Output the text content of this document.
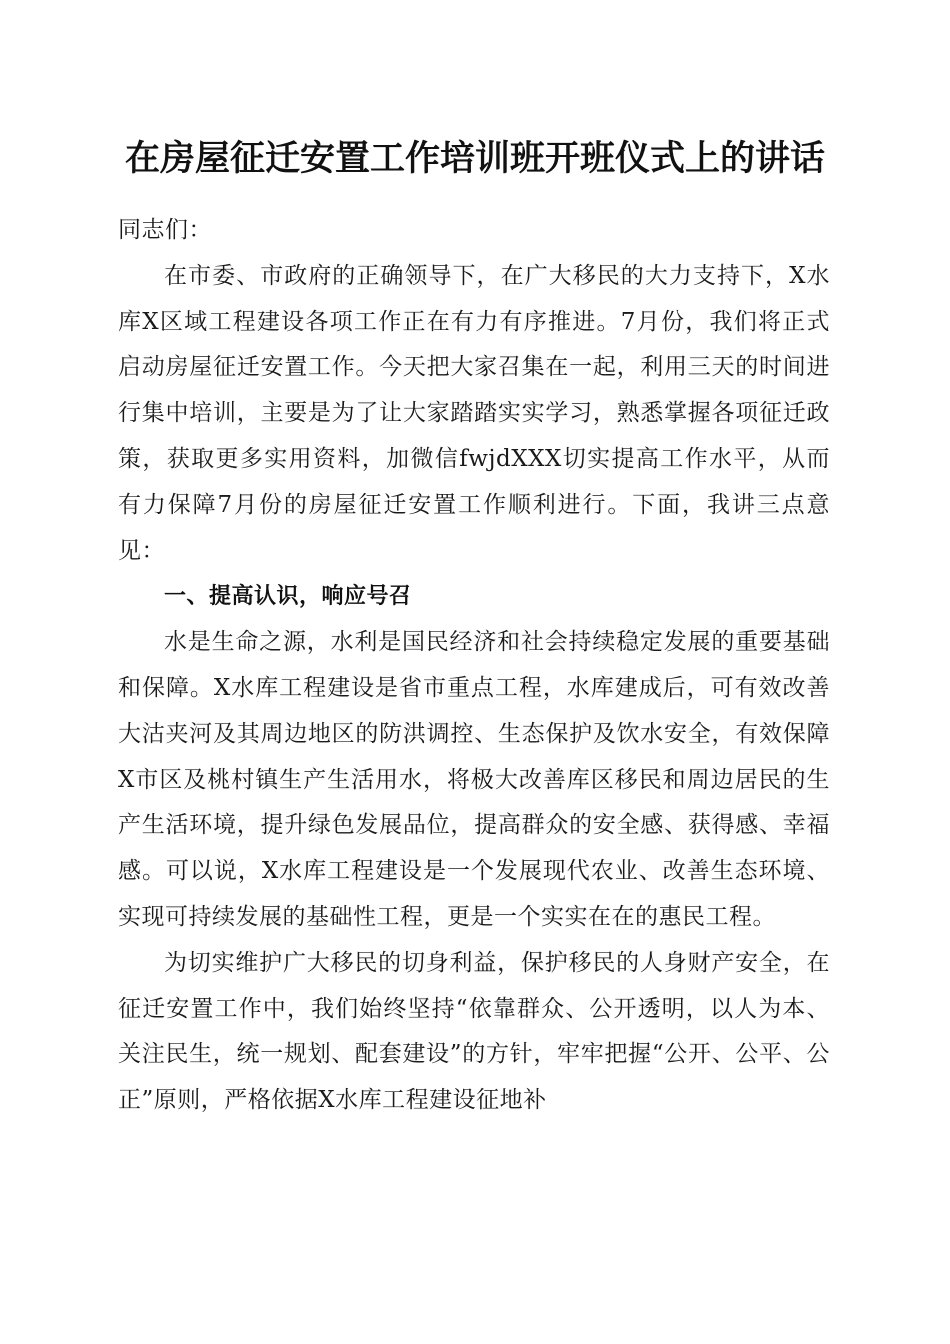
在房屋征迁安置工作培训班开班仪式上的讲话

同志们：

在市委、市政府的正确领导下，在广大移民的大力支持下，X水库X区域工程建设各项工作正在有力有序推进。7月份，我们将正式启动房屋征迁安置工作。今天把大家召集在一起，利用三天的时间进行集中培训，主要是为了让大家踏踏实实学习，熟悉掌握各项征迁政策，获取更多实用资料，加微信fwjdXXX切实提高工作水平，从而有力保障7月份的房屋征迁安置工作顺利进行。下面，我讲三点意见：

一、提高认识，响应号召

水是生命之源，水利是国民经济和社会持续稳定发展的重要基础和保障。X水库工程建设是省市重点工程，水库建成后，可有效改善大沽夹河及其周边地区的防洪调控、生态保护及饮水安全，有效保障X市区及桃村镇生产生活用水，将极大改善库区移民和周边居民的生产生活环境，提升绿色发展品位，提高群众的安全感、获得感、幸福感。可以说，X水库工程建设是一个发展现代农业、改善生态环境、实现可持续发展的基础性工程，更是一个实实在在的惠民工程。

为切实维护广大移民的切身利益，保护移民的人身财产安全，在征迁安置工作中，我们始终坚持“依靠群众、公开透明，以人为本、关注民生，统一规划、配套建设”的方针，牢牢把握“公开、公平、公正”原则，严格依据X水库工程建设征地补
